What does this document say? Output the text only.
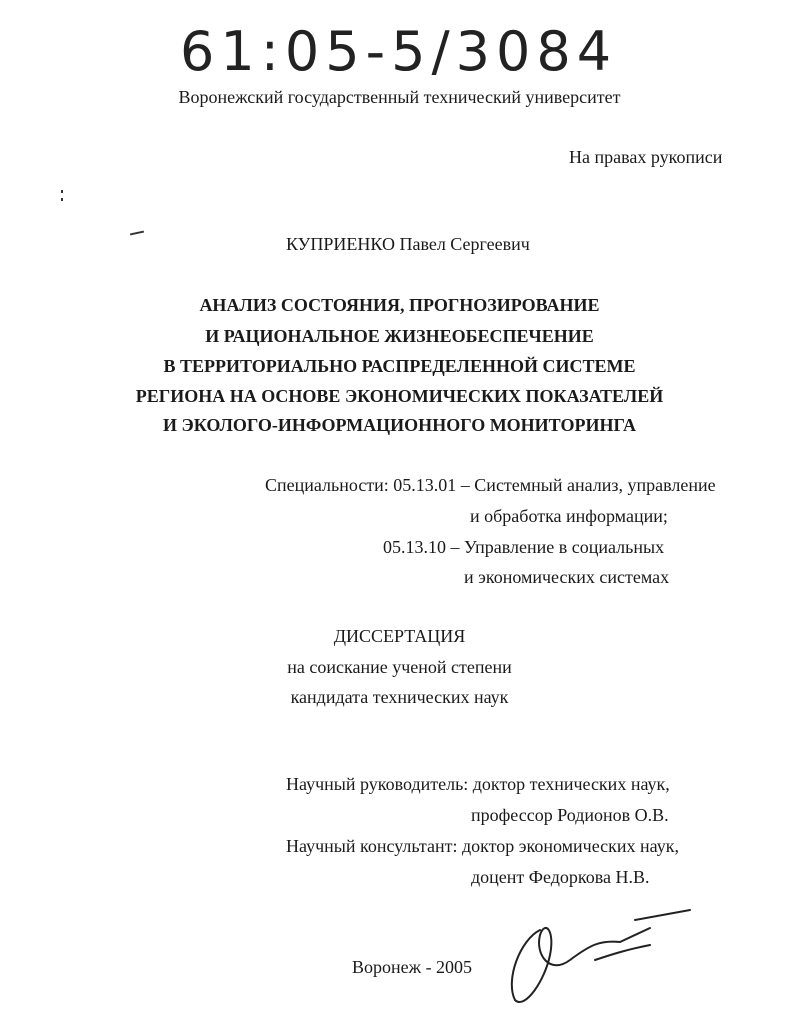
61:05-5/3084
Воронежский государственный технический университет
На правах рукописи
КУПРИЕНКО Павел Сергеевич
АНАЛИЗ СОСТОЯНИЯ, ПРОГНОЗИРОВАНИЕ
И РАЦИОНАЛЬНОЕ ЖИЗНЕОБЕСПЕЧЕНИЕ
В ТЕРРИТОРИАЛЬНО РАСПРЕДЕЛЕННОЙ СИСТЕМЕ
РЕГИОНА НА ОСНОВЕ ЭКОНОМИЧЕСКИХ ПОКАЗАТЕЛЕЙ
И ЭКОЛОГО-ИНФОРМАЦИОННОГО МОНИТОРИНГА
Специальности: 05.13.01 – Системный анализ, управление
и обработка информации;
05.13.10 – Управление в социальных
и экономических системах
ДИССЕРТАЦИЯ
на соискание ученой степени
кандидата технических наук
Научный руководитель: доктор технических наук,
профессор Родионов О.В.
Научный консультант: доктор экономических наук,
доцент Федоркова Н.В.
Воронеж - 2005
